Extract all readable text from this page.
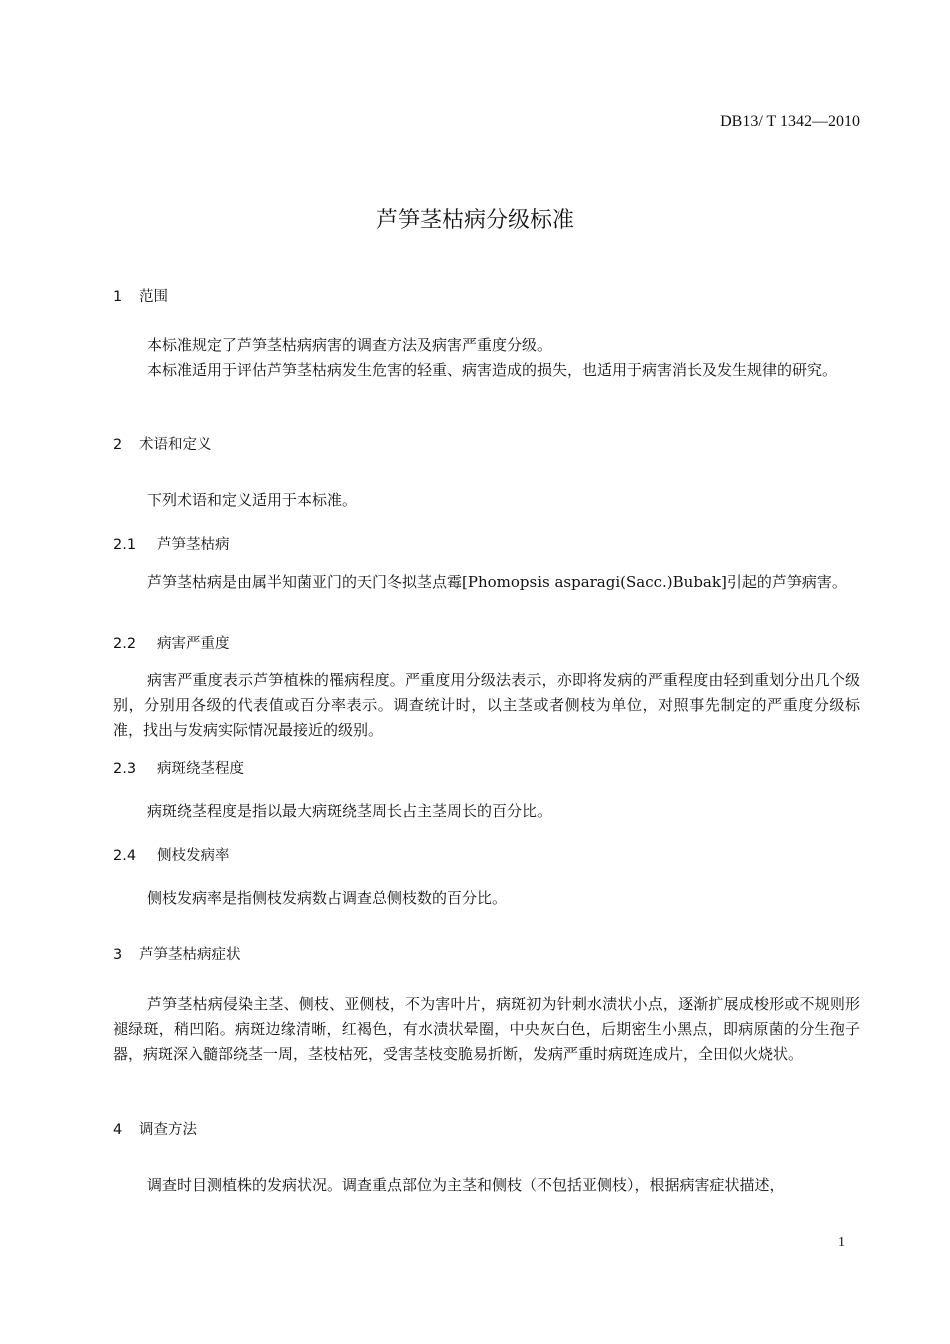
DB13/ T 1342—2010
芦笋茎枯病分级标准
1 范围
本标准规定了芦笋茎枯病病害的调查方法及病害严重度分级。
本标准适用于评估芦笋茎枯病发生危害的轻重、病害造成的损失，也适用于病害消长及发生规律的研究。
2 术语和定义
下列术语和定义适用于本标准。
2.1 芦笋茎枯病
芦笋茎枯病是由属半知菌亚门的天门冬拟茎点霉[Phomopsis asparagi(Sacc.)Bubak]引起的芦笋病害。
2.2 病害严重度
病害严重度表示芦笋植株的罹病程度。严重度用分级法表示，亦即将发病的严重程度由轻到重划分出几个级别，分别用各级的代表值或百分率表示。调查统计时，以主茎或者侧枝为单位，对照事先制定的严重度分级标准，找出与发病实际情况最接近的级别。
2.3 病斑绕茎程度
病斑绕茎程度是指以最大病斑绕茎周长占主茎周长的百分比。
2.4 侧枝发病率
侧枝发病率是指侧枝发病数占调查总侧枝数的百分比。
3 芦笋茎枯病症状
芦笋茎枯病侵染主茎、侧枝、亚侧枝，不为害叶片，病斑初为针刺水渍状小点，逐渐扩展成梭形或不规则形褪绿斑，稍凹陷。病斑边缘清晰，红褐色，有水渍状晕圈，中央灰白色，后期密生小黑点，即病原菌的分生孢子器，病斑深入髓部绕茎一周，茎枝枯死，受害茎枝变脆易折断，发病严重时病斑连成片，全田似火烧状。
4 调查方法
调查时目测植株的发病状况。调查重点部位为主茎和侧枝（不包括亚侧枝），根据病害症状描述，
1
